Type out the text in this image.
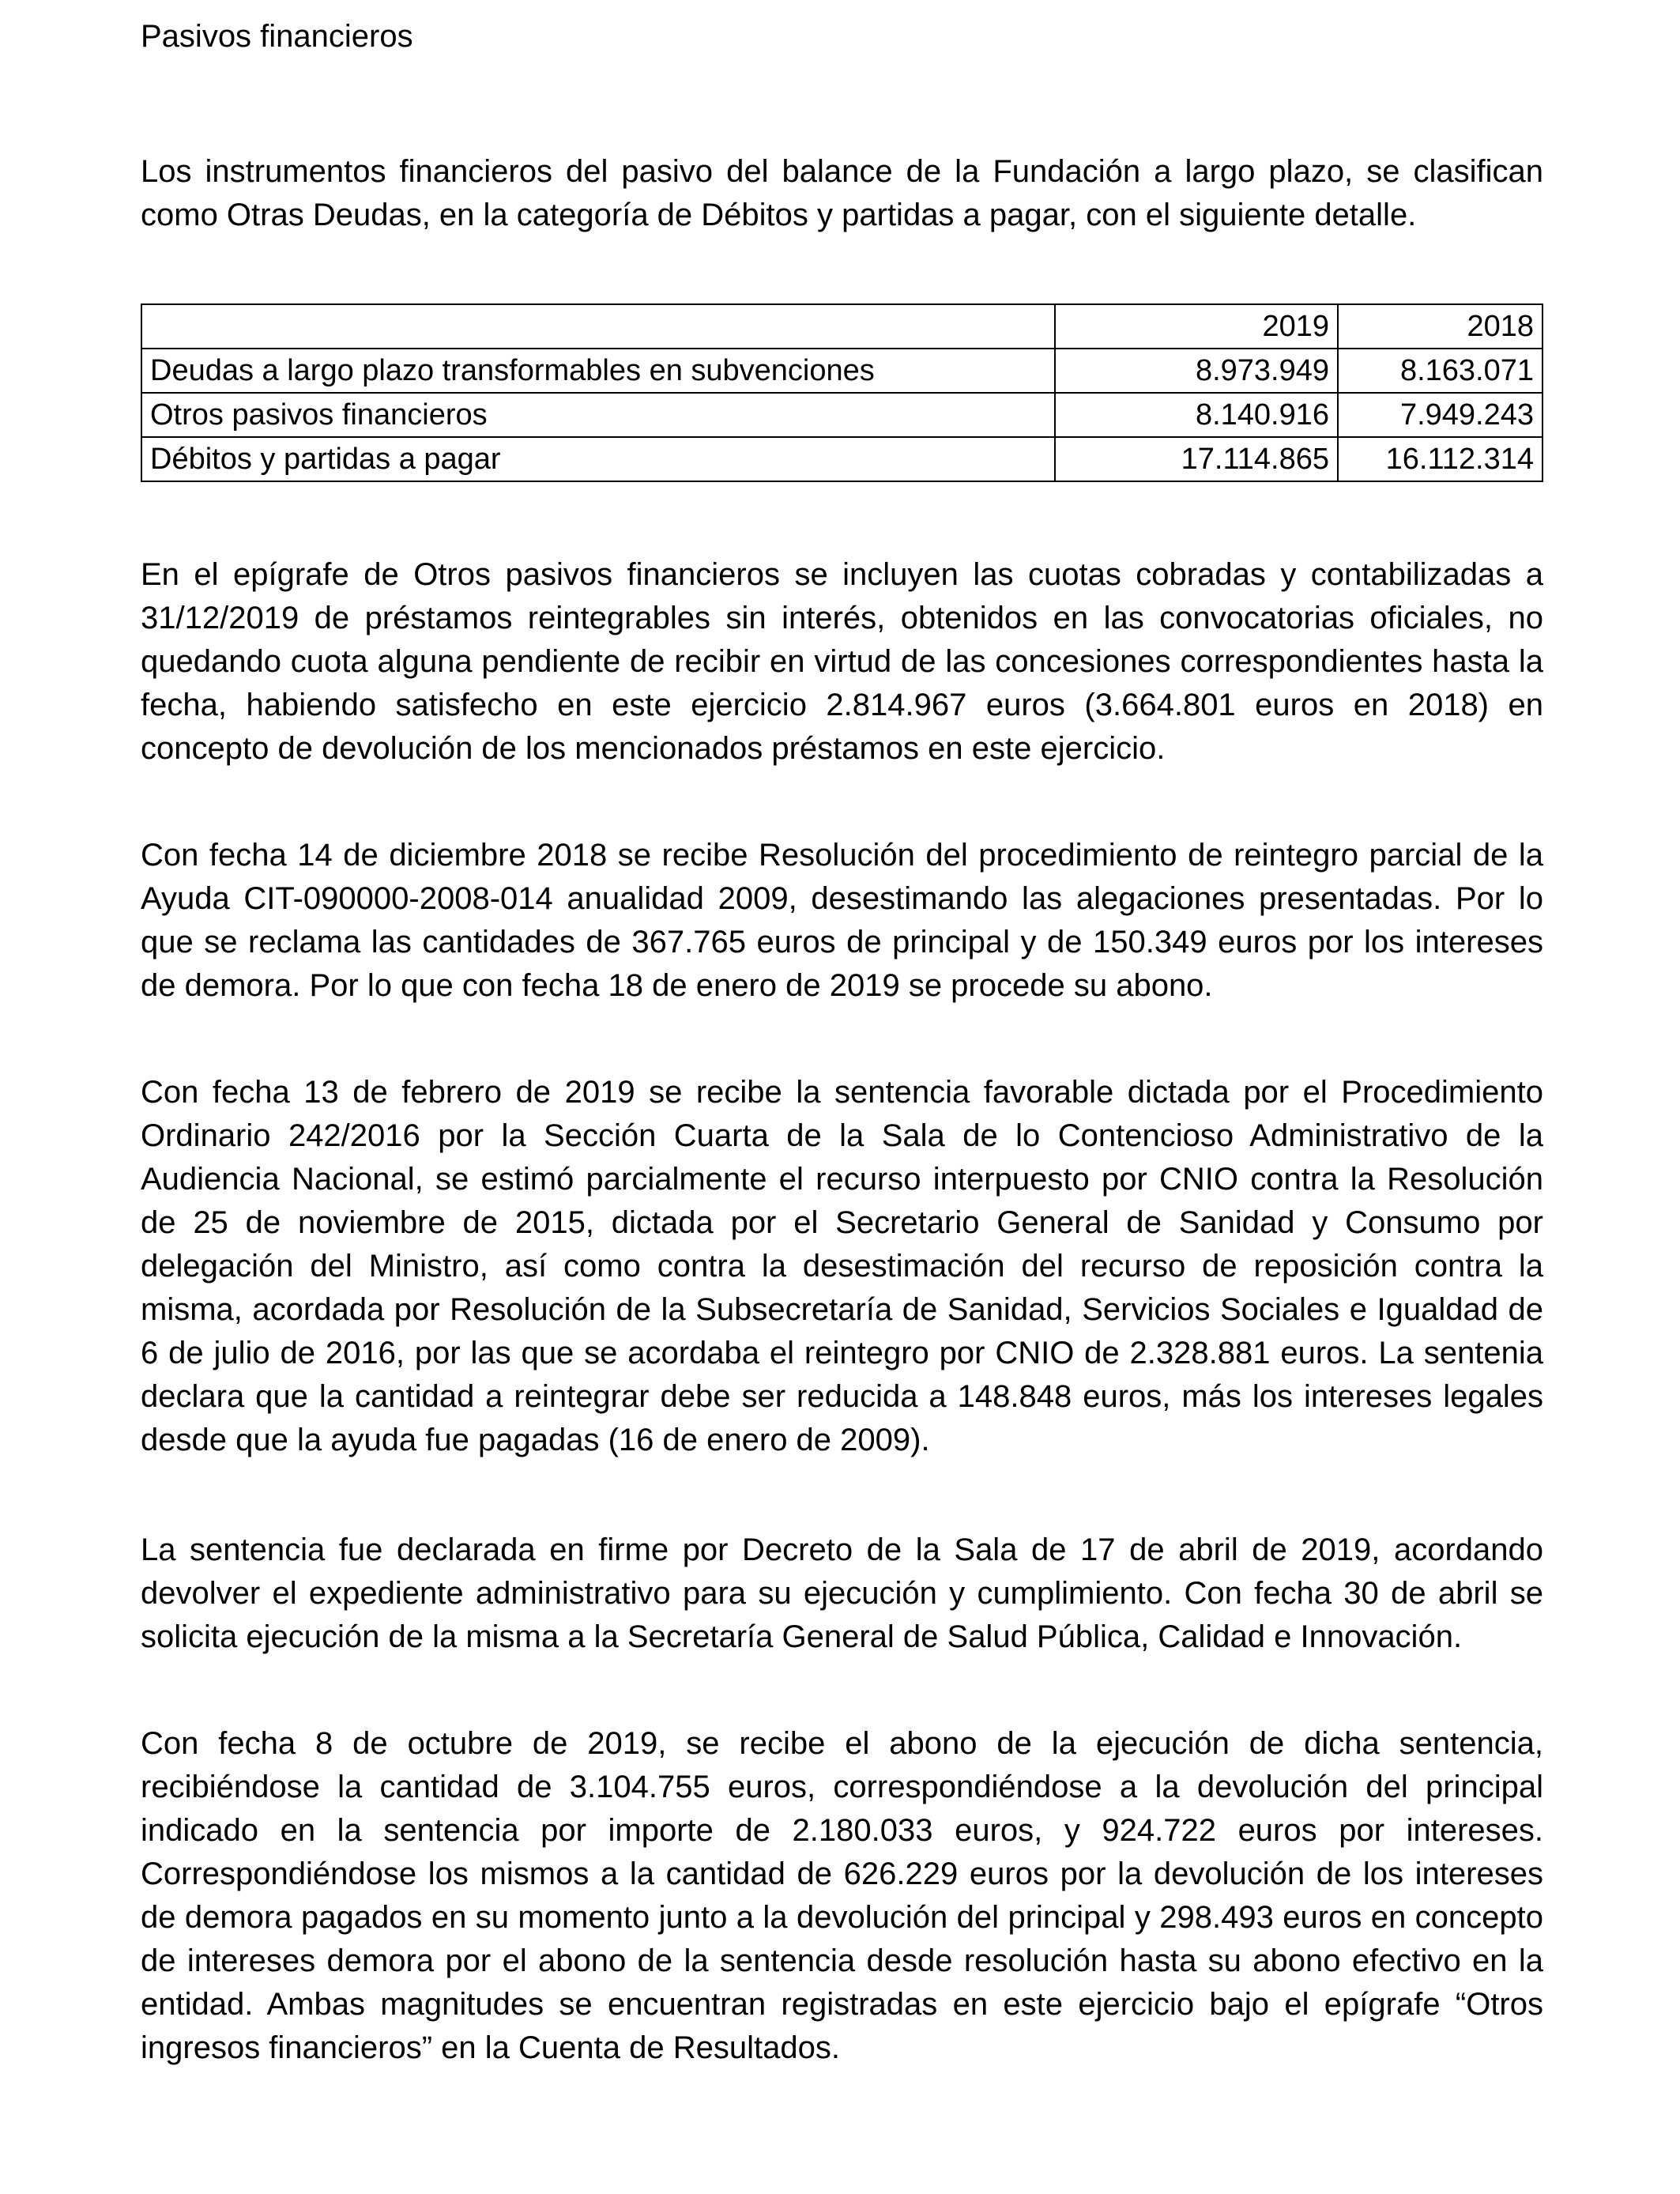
Pasivos financieros

Los instrumentos financieros del pasivo del balance de la Fundación a largo plazo, se clasifican como Otras Deudas, en la categoría de Débitos y partidas a pagar, con el siguiente detalle.

	2019	2018
Deudas a largo plazo transformables en subvenciones	8.973.949	8.163.071
Otros pasivos financieros	8.140.916	7.949.243
Débitos y partidas a pagar	17.114.865	16.112.314

En el epígrafe de Otros pasivos financieros se incluyen las cuotas cobradas y contabilizadas a 31/12/2019 de préstamos reintegrables sin interés, obtenidos en las convocatorias oficiales, no quedando cuota alguna pendiente de recibir en virtud de las concesiones correspondientes hasta la fecha, habiendo satisfecho en este ejercicio 2.814.967 euros (3.664.801 euros en 2018) en concepto de devolución de los mencionados préstamos en este ejercicio.

Con fecha 14 de diciembre 2018 se recibe Resolución del procedimiento de reintegro parcial de la Ayuda CIT-090000-2008-014 anualidad 2009, desestimando las alegaciones presentadas. Por lo que se reclama las cantidades de 367.765 euros de principal y de 150.349 euros por los intereses de demora. Por lo que con fecha 18 de enero de 2019 se procede su abono.

Con fecha 13 de febrero de 2019 se recibe la sentencia favorable dictada por el Procedimiento Ordinario 242/2016 por la Sección Cuarta de la Sala de lo Contencioso Administrativo de la Audiencia Nacional, se estimó parcialmente el recurso interpuesto por CNIO contra la Resolución de 25 de noviembre de 2015, dictada por el Secretario General de Sanidad y Consumo por delegación del Ministro, así como contra la desestimación del recurso de reposición contra la misma, acordada por Resolución de la Subsecretaría de Sanidad, Servicios Sociales e Igualdad de 6 de julio de 2016, por las que se acordaba el reintegro por CNIO de 2.328.881 euros. La sentenia declara que la cantidad a reintegrar debe ser reducida a 148.848 euros, más los intereses legales desde que la ayuda fue pagadas (16 de enero de 2009).

La sentencia fue declarada en firme por Decreto de la Sala de 17 de abril de 2019, acordando devolver el expediente administrativo para su ejecución y cumplimiento. Con fecha 30 de abril se solicita ejecución de la misma a la Secretaría General de Salud Pública, Calidad e Innovación.

Con fecha 8 de octubre de 2019, se recibe el abono de la ejecución de dicha sentencia, recibiéndose la cantidad de 3.104.755 euros, correspondiéndose a la devolución del principal indicado en la sentencia por importe de 2.180.033 euros, y 924.722 euros por intereses. Correspondiéndose los mismos a la cantidad de 626.229 euros por la devolución de los intereses de demora pagados en su momento junto a la devolución del principal y 298.493 euros en concepto de intereses demora por el abono de la sentencia desde resolución hasta su abono efectivo en la entidad. Ambas magnitudes se encuentran registradas en este ejercicio bajo el epígrafe “Otros ingresos financieros” en la Cuenta de Resultados.
